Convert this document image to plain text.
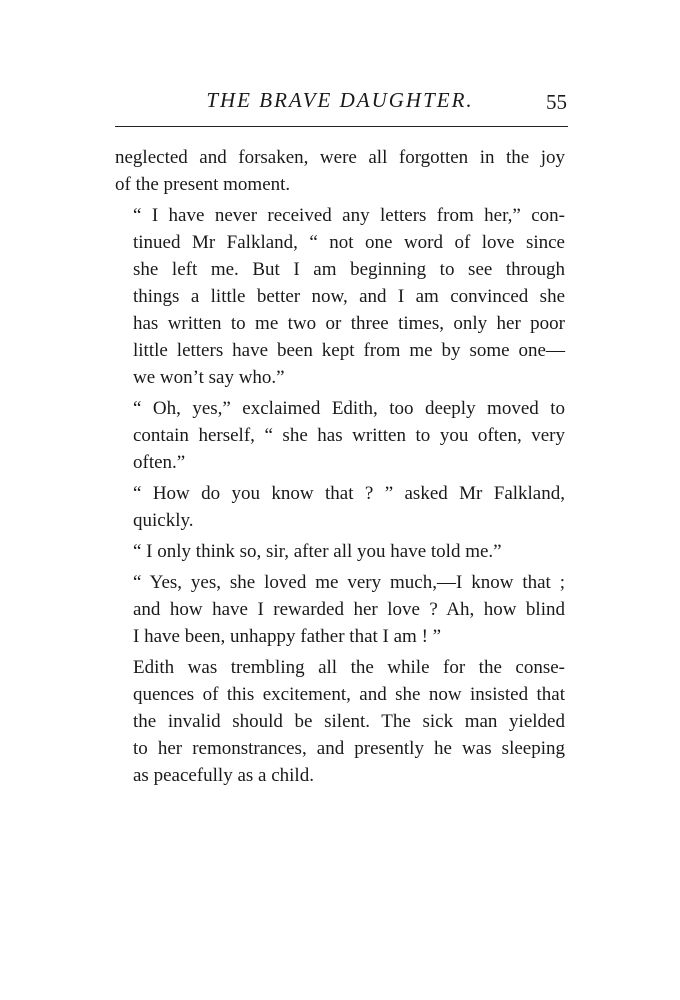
THE BRAVE DAUGHTER.	55

neglected and forsaken, were all forgotten in the joy
of the present moment.

“ I have never received any letters from her,” con-
tinued Mr Falkland, “ not one word of love since
she left me. But I am beginning to see through
things a little better now, and I am convinced she
has written to me two or three times, only her poor
little letters have been kept from me by some one—
we won’t say who.”

“ Oh, yes,” exclaimed Edith, too deeply moved to
contain herself, “ she has written to you often, very
often.”

“ How do you know that ? ” asked Mr Falkland,
quickly.

“ I only think so, sir, after all you have told me.”

“ Yes, yes, she loved me very much,—I know that ;
and how have I rewarded her love ? Ah, how blind
I have been, unhappy father that I am ! ”

Edith was trembling all the while for the conse-
quences of this excitement, and she now insisted that
the invalid should be silent. The sick man yielded
to her remonstrances, and presently he was sleeping
as peacefully as a child.
